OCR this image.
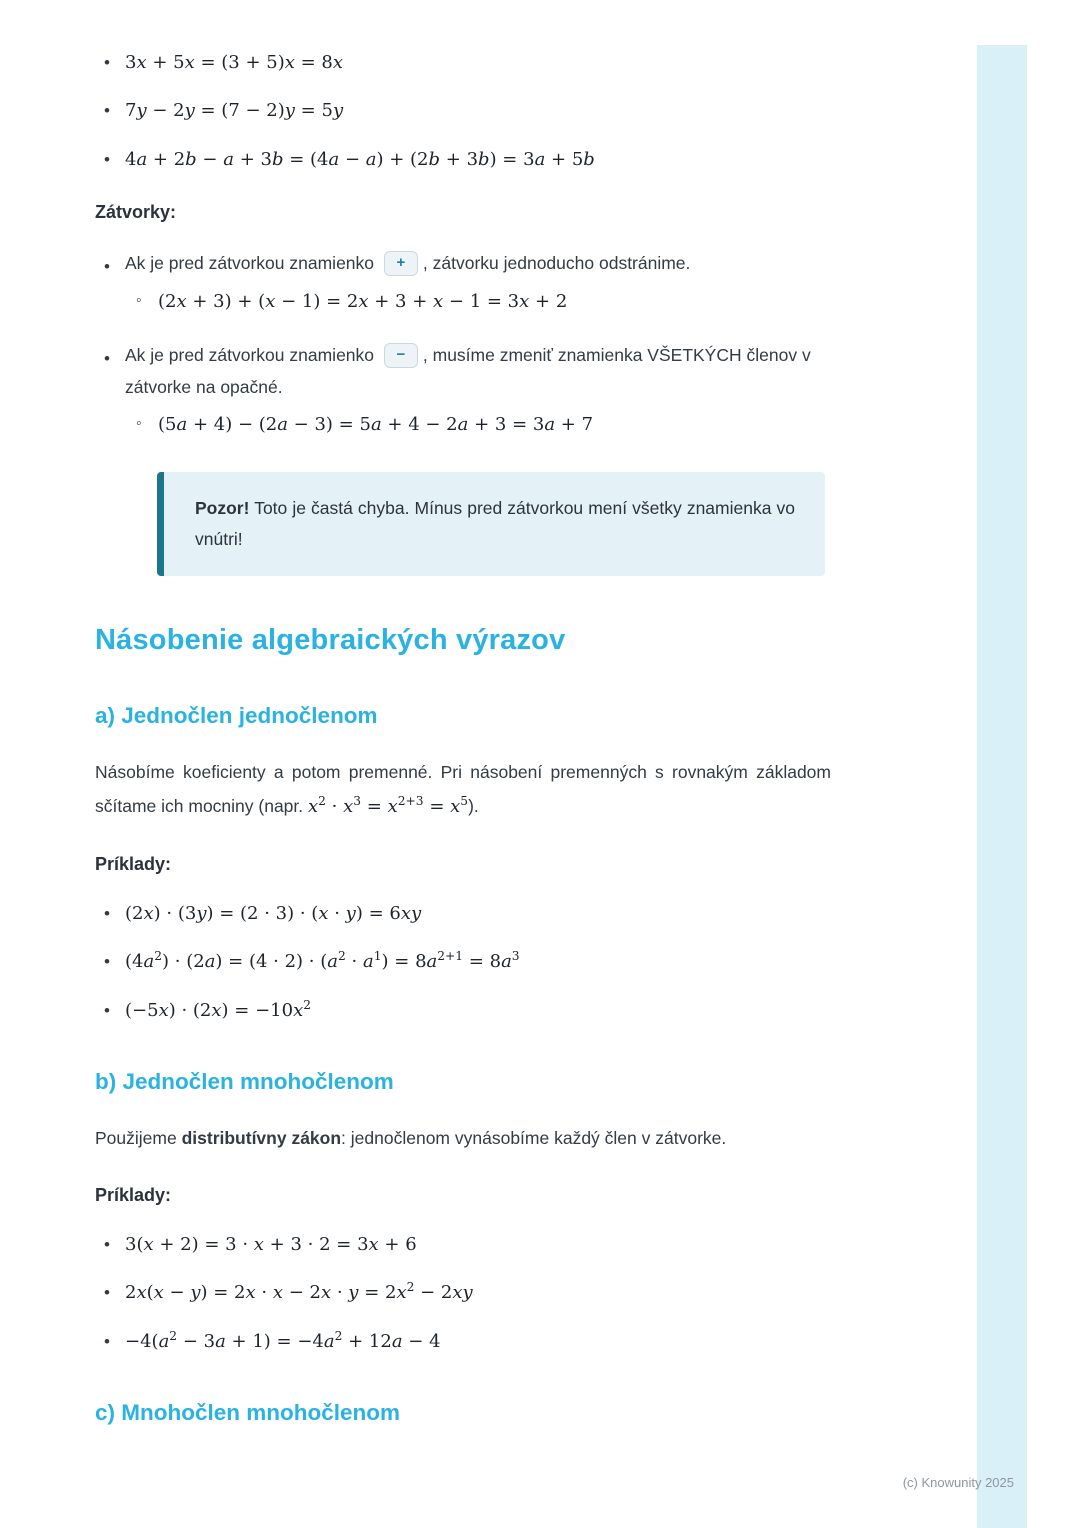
• 3x + 5x = (3 + 5)x = 8x
• 7y − 2y = (7 − 2)y = 5y
• 4a + 2b − a + 3b = (4a − a) + (2b + 3b) = 3a + 5b

Zátvorky:

• Ak je pred zátvorkou znamienko + , zátvorku jednoducho odstránime.
◦ (2x + 3) + (x − 1) = 2x + 3 + x − 1 = 3x + 2
• Ak je pred zátvorkou znamienko − , musíme zmeniť znamienka VŠETKÝCH členov v zátvorke na opačné.
◦ (5a + 4) − (2a − 3) = 5a + 4 − 2a + 3 = 3a + 7
Pozor! Toto je častá chyba. Mínus pred zátvorkou mení všetky znamienka vo vnútri!
Násobenie algebraických výrazov
a) Jednočlen jednočlenom

Násobíme koeficienty a potom premenné. Pri násobení premenných s rovnakým základom sčítame ich mocniny (napr. $x^2 \cdot x^3 = x^{2+3} = x^5$).

Príklady:

• (2x) · (3y) = (2 · 3) · (x · y) = 6xy
• $(4a^2) \cdot (2a) = (4 \cdot 2) \cdot (a^2 \cdot a^1) = 8a^{2+1} = 8a^3$
• $(-5x) \cdot (2x) = -10x^2$
b) Jednočlen mnohočlenom

Použijeme distributívny zákon: jednočlenom vynásobíme každý člen v zátvorke.

Príklady:

• 3(x + 2) = 3 · x + 3 · 2 = 3x + 6
• $2x(x - y) = 2x \cdot x - 2x \cdot y = 2x^2 - 2xy$
• $-4(a^2 - 3a + 1) = -4a^2 + 12a - 4$
c) Mnohočlen mnohočlenom
(c) Knowunity 2025
